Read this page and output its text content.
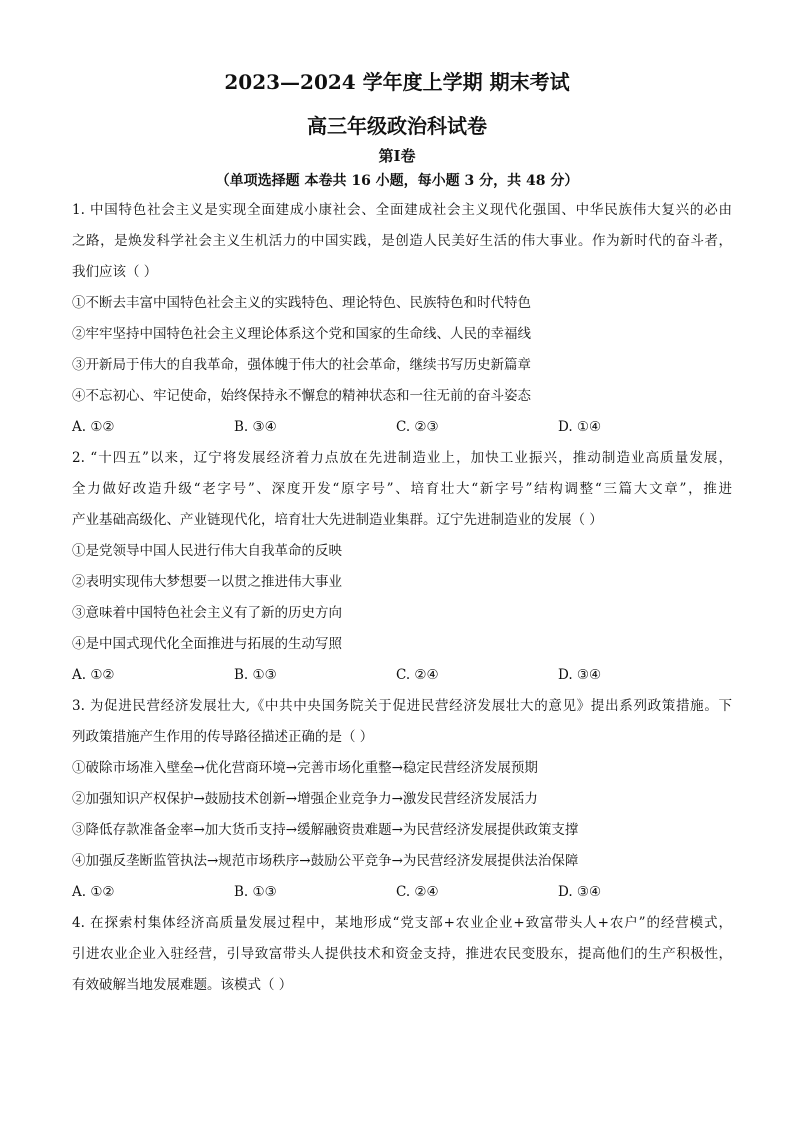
2023—2024 学年度上学期 期末考试
高三年级政治科试卷
第Ⅰ卷
（单项选择题 本卷共 16 小题，每小题 3 分，共 48 分）
1. 中国特色社会主义是实现全面建成小康社会、全面建成社会主义现代化强国、中华民族伟大复兴的必由
之路，是焕发科学社会主义生机活力的中国实践，是创造人民美好生活的伟大事业。作为新时代的奋斗者，
我们应该（ ）
①不断去丰富中国特色社会主义的实践特色、理论特色、民族特色和时代特色
②牢牢坚持中国特色社会主义理论体系这个党和国家的生命线、人民的幸福线
③开新局于伟大的自我革命，强体魄于伟大的社会革命，继续书写历史新篇章
④不忘初心、牢记使命，始终保持永不懈怠的精神状态和一往无前的奋斗姿态
A. ①②	B. ③④	C. ②③	D. ①④
2. “十四五”以来，辽宁将发展经济着力点放在先进制造业上，加快工业振兴，推动制造业高质量发展，
全力做好改造升级“老字号”、深度开发“原字号”、培育壮大“新字号”结构调整“三篇大文章”，推进
产业基础高级化、产业链现代化，培育壮大先进制造业集群。辽宁先进制造业的发展（ ）
①是党领导中国人民进行伟大自我革命的反映
②表明实现伟大梦想要一以贯之推进伟大事业
③意味着中国特色社会主义有了新的历史方向
④是中国式现代化全面推进与拓展的生动写照
A. ①②	B. ①③	C. ②④	D. ③④
3. 为促进民营经济发展壮大,《中共中央国务院关于促进民营经济发展壮大的意见》提出系列政策措施。下
列政策措施产生作用的传导路径描述正确的是（ ）
①破除市场准入壁垒→优化营商环境→完善市场化重整→稳定民营经济发展预期
②加强知识产权保护→鼓励技术创新→增强企业竞争力→激发民营经济发展活力
③降低存款准备金率→加大货币支持→缓解融资贵难题→为民营经济发展提供政策支撑
④加强反垄断监管执法→规范市场秩序→鼓励公平竞争→为民营经济发展提供法治保障
A. ①②	B. ①③	C. ②④	D. ③④
4. 在探索村集体经济高质量发展过程中，某地形成“党支部+农业企业+致富带头人+农户”的经营模式，
引进农业企业入驻经营，引导致富带头人提供技术和资金支持，推进农民变股东，提高他们的生产积极性，
有效破解当地发展难题。该模式（ ）
